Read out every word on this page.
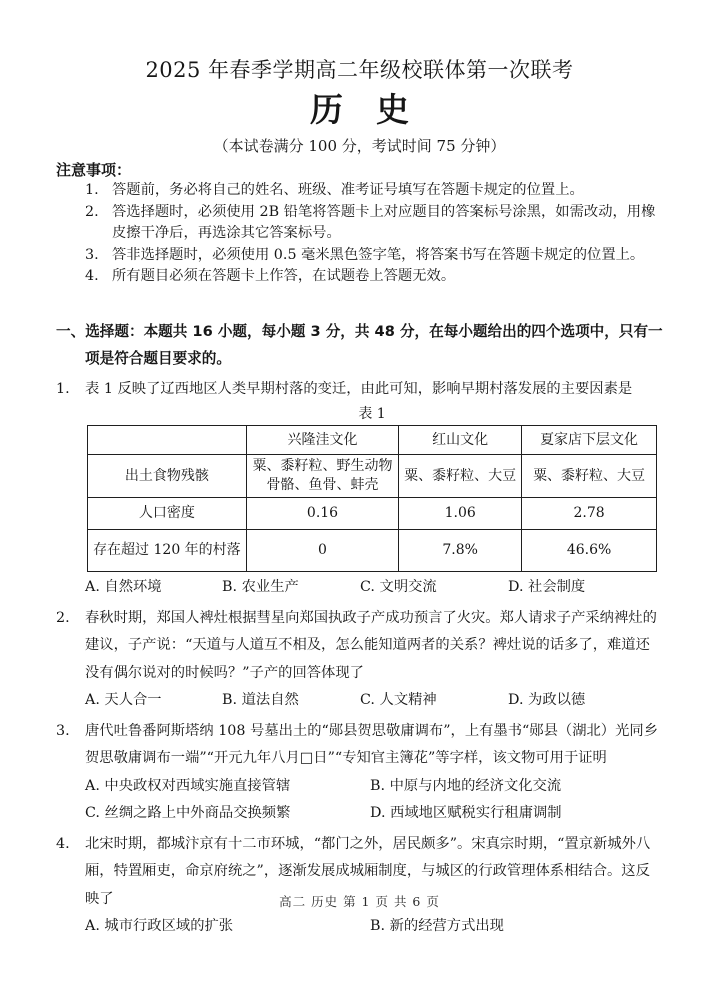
2025 年春季学期高二年级校联体第一次联考
历　史
（本试卷满分 100 分，考试时间 75 分钟）
注意事项：
1. 答题前，务必将自己的姓名、班级、准考证号填写在答题卡规定的位置上。
2. 答选择题时，必须使用 2B 铅笔将答题卡上对应题目的答案标号涂黑，如需改动，用橡皮擦干净后，再选涂其它答案标号。
3. 答非选择题时，必须使用 0.5 毫米黑色签字笔，将答案书写在答题卡规定的位置上。
4. 所有题目必须在答题卡上作答，在试题卷上答题无效。
一、选择题：本题共 16 小题，每小题 3 分，共 48 分，在每小题给出的四个选项中，只有一项是符合题目要求的。

1. 表 1 反映了辽西地区人类早期村落的变迁，由此可知，影响早期村落发展的主要因素是

表 1
	兴隆洼文化	红山文化	夏家店下层文化
出土食物残骸	粟、黍籽粒、野生动物骨骼、鱼骨、蚌壳	粟、黍籽粒、大豆	粟、黍籽粒、大豆
人口密度	0.16	1.06	2.78
存在超过 120 年的村落	0	7.8%	46.6%
A. 自然环境	B. 农业生产	C. 文明交流	D. 社会制度

2. 春秋时期，郑国人裨灶根据彗星向郑国执政子产成功预言了火灾。郑人请求子产采纳裨灶的建议，子产说：“天道与人道互不相及，怎么能知道两者的关系？裨灶说的话多了，难道还没有偶尔说对的时候吗？”子产的回答体现了

A. 天人合一	B. 道法自然	C. 人文精神	D. 为政以德

3. 唐代吐鲁番阿斯塔纳 108 号墓出土的“郧县贺思敬庸调布”，上有墨书“郧县（湖北）光同乡贺思敬庸调布一端”“开元九年八月□日”“专知官主簿花”等字样，该文物可用于证明

A. 中央政权对西域实施直接管辖	B. 中原与内地的经济文化交流
C. 丝绸之路上中外商品交换频繁	D. 西域地区赋税实行租庸调制

4. 北宋时期，都城汴京有十二市环城，“都门之外，居民颇多”。宋真宗时期，“置京新城外八厢，特置厢吏，命京府统之”，逐渐发展成城厢制度，与城区的行政管理体系相结合。这反映了

A. 城市行政区域的扩张	B. 新的经营方式出现
高二 历史 第 1 页 共 6 页
